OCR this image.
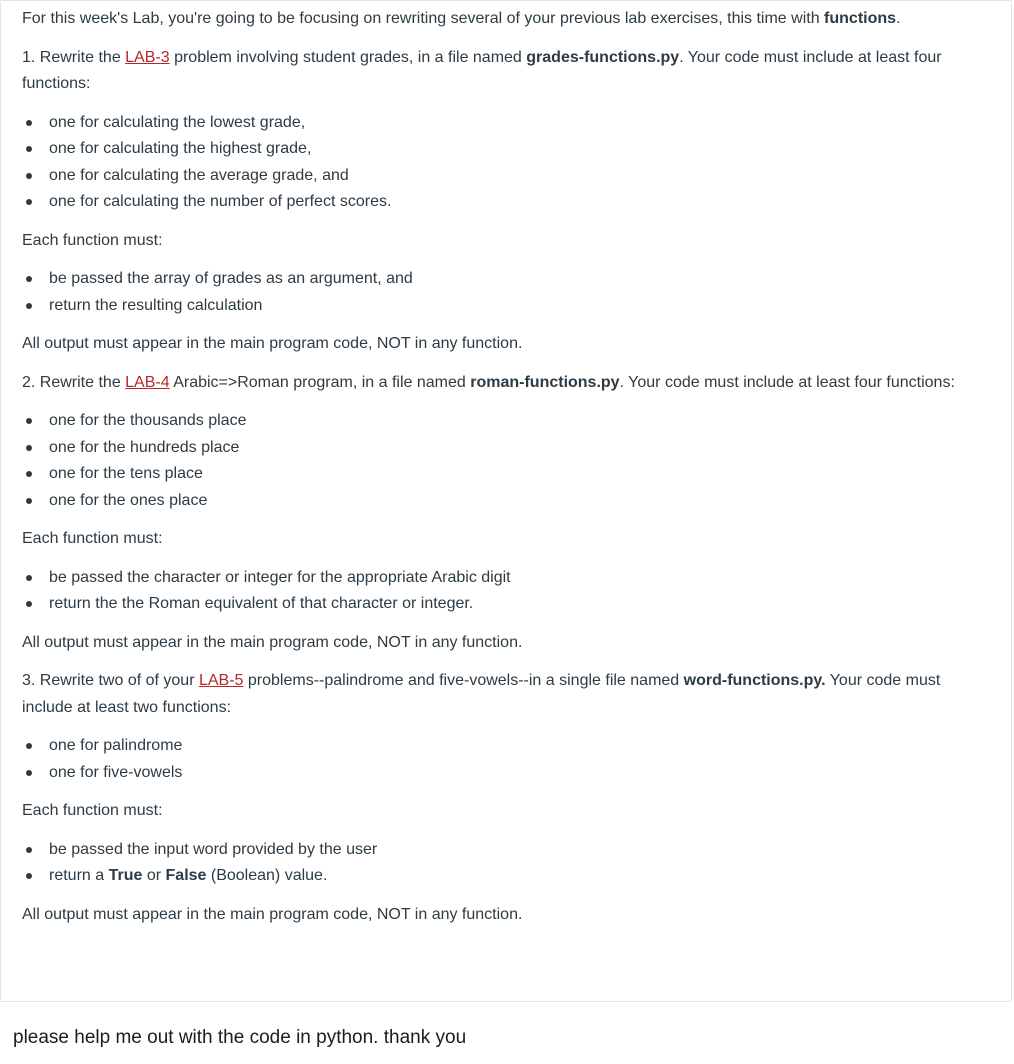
For this week's Lab, you're going to be focusing on rewriting several of your previous lab exercises, this time with functions.

1. Rewrite the LAB-3 problem involving student grades, in a file named grades-functions.py. Your code must include at least four functions:

one for calculating the lowest grade,
one for calculating the highest grade,
one for calculating the average grade, and
one for calculating the number of perfect scores.

Each function must:

be passed the array of grades as an argument, and
return the resulting calculation

All output must appear in the main program code, NOT in any function.

2. Rewrite the LAB-4 Arabic=>Roman program, in a file named roman-functions.py. Your code must include at least four functions:

one for the thousands place
one for the hundreds place
one for the tens place
one for the ones place

Each function must:

be passed the character or integer for the appropriate Arabic digit
return the the Roman equivalent of that character or integer.

All output must appear in the main program code, NOT in any function.

3. Rewrite two of of your LAB-5 problems--palindrome and five-vowels--in a single file named word-functions.py. Your code must include at least two functions:

one for palindrome
one for five-vowels

Each function must:

be passed the input word provided by the user
return a True or False (Boolean) value.

All output must appear in the main program code, NOT in any function.

please help me out with the code in python. thank you
